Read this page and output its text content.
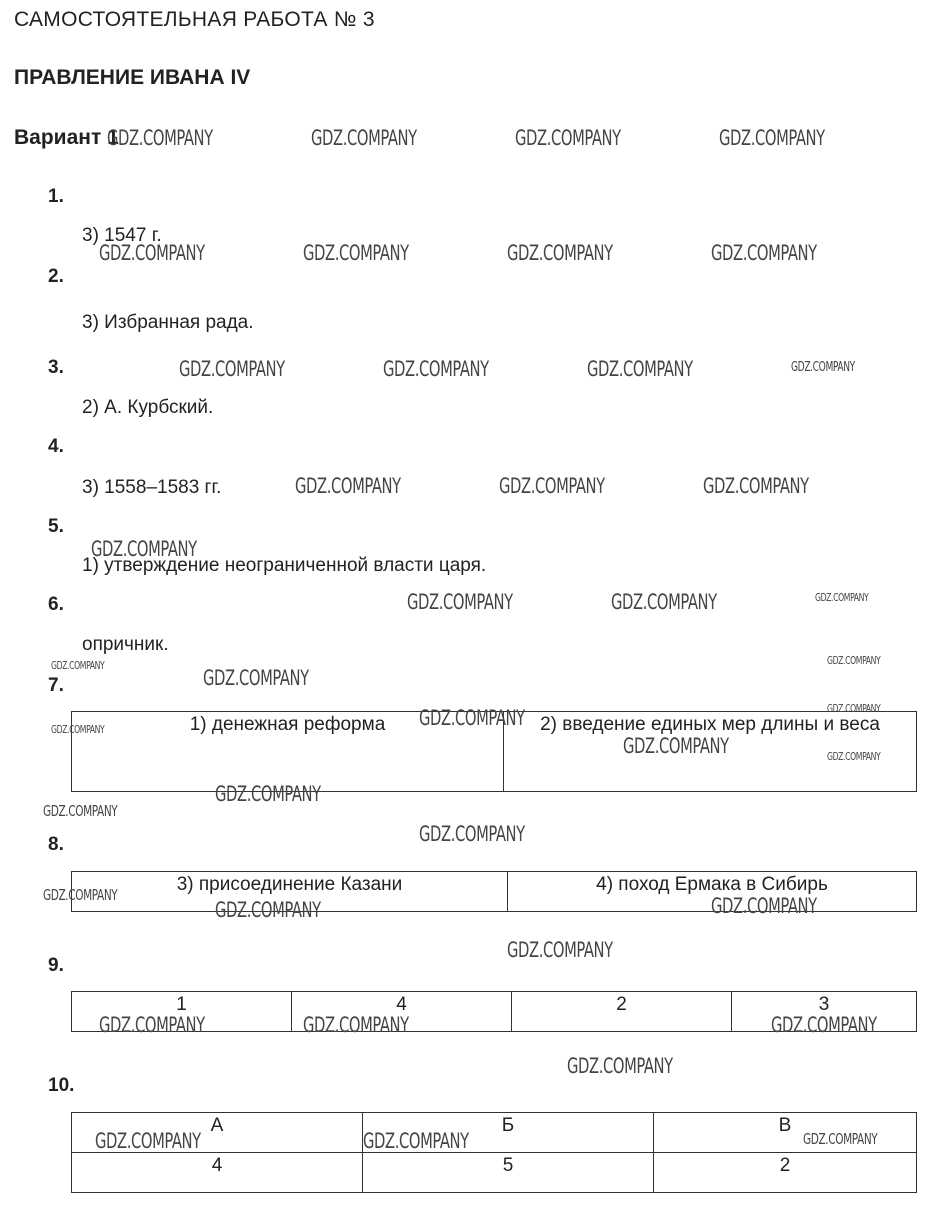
САМОСТОЯТЕЛЬНАЯ РАБОТА № 3
ПРАВЛЕНИЕ ИВАНА IV
Вариант 1
1.
3) 1547 г.
2.
3) Избранная рада.
3.
2) А. Курбский.
4.
3) 1558–1583 гг.
5.
1) утверждение неограниченной власти царя.
6.
опричник.
7.
1) денежная реформа	2) введение единых мер длины и веса
8.
3) присоединение Казани	4) поход Ермака в Сибирь
9.
1	4	2	3
10.
А	Б	В
4	5	2
GDZ.COMPANY	GDZ.COMPANY	GDZ.COMPANY	GDZ.COMPANY
GDZ.COMPANY	GDZ.COMPANY	GDZ.COMPANY	GDZ.COMPANY
GDZ.COMPANY	GDZ.COMPANY	GDZ.COMPANY	GDZ.COMPANY
GDZ.COMPANY	GDZ.COMPANY	GDZ.COMPANY
GDZ.COMPANY
GDZ.COMPANY	GDZ.COMPANY	GDZ.COMPANY
GDZ.COMPANY	GDZ.COMPANY
GDZ.COMPANY
GDZ.COMPANY
GDZ.COMPANY
GDZ.COMPANY
GDZ.COMPANY	GDZ.COMPANY
GDZ.COMPANY
GDZ.COMPANY
GDZ.COMPANY
GDZ.COMPANY
GDZ.COMPANY	GDZ.COMPANY
GDZ.COMPANY
GDZ.COMPANY	GDZ.COMPANY	GDZ.COMPANY
GDZ.COMPANY
GDZ.COMPANY	GDZ.COMPANY	GDZ.COMPANY
